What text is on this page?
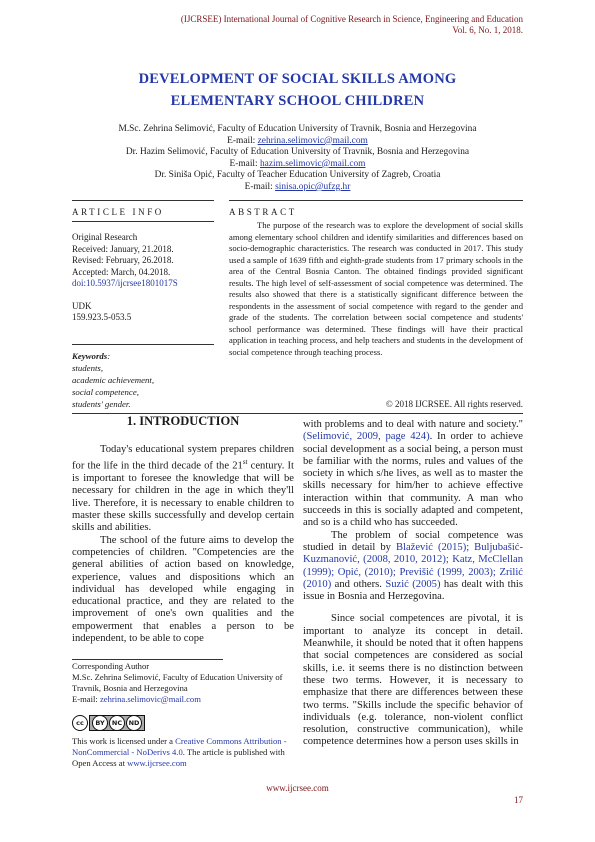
(IJCRSEE) International Journal of Cognitive Research in Science, Engineering and Education
Vol. 6, No. 1, 2018.
DEVELOPMENT OF SOCIAL SKILLS AMONG
ELEMENTARY SCHOOL CHILDREN
M.Sc. Zehrina Selimović, Faculty of Education University of Travnik, Bosnia and Herzegovina
E-mail: zehrina.selimovic@mail.com
Dr. Hazim Selimović, Faculty of Education University of Travnik, Bosnia and Herzegovina
E-mail: hazim.selimovic@mail.com
Dr. Siniša Opić, Faculty of Teacher Education University of Zagreb, Croatia
E-mail: sinisa.opic@ufzg.hr
ARTICLE INFO
Original Research
Received: January, 21.2018.
Revised: February, 26.2018.
Accepted: March, 04.2018.
doi:10.5937/ijcrsee1801017S
UDK
159.923.5-053.5
Keywords:
students,
academic achievement,
social competence,
students' gender.
ABSTRACT
The purpose of the research was to explore the development of social skills among elementary school children and identify similarities and differences based on socio-demographic characteristics. The research was conducted in 2017. This study used a sample of 1639 fifth and eighth-grade students from 17 primary schools in the area of the Central Bosnia Canton. The obtained findings provided significant results. The high level of self-assessment of social competence was determined. The results also showed that there is a statistically significant difference between the respondents in the assessment of social competence with regard to the gender and grade of the students. The correlation between social competence and students' school performance was determined. These findings will have their practical application in teaching process, and help teachers and students in the development of social competence through teaching process.
© 2018 IJCRSEE. All rights reserved.
1. INTRODUCTION

Today's educational system prepares children for the life in the third decade of the 21st century. It is important to foresee the knowledge that will be necessary for children in the age in which they'll live. Therefore, it is necessary to enable children to master these skills successfully and develop certain skills and abilities.

The school of the future aims to develop the competencies of children. "Competencies are the general abilities of action based on knowledge, experience, values and dispositions which an individual has developed while engaging in educational practice, and they are related to the improvement of one's own qualities and the empowerment that enables a person to be independent, to be able to cope

with problems and to deal with nature and society." (Selimović, 2009, page 424). In order to achieve social development as a social being, a person must be familiar with the norms, rules and values of the society in which s/he lives, as well as to master the skills necessary for him/her to achieve effective interaction within that community. A man who succeeds in this is socially adapted and competent, and so is a child who has succeeded.

The problem of social competence was studied in detail by Blažević (2015); Buljubašić-Kuzmanović, (2008, 2010, 2012); Katz, McClellan (1999); Opić, (2010); Previšić (1999, 2003); Zrilić (2010) and others. Suzić (2005) has dealt with this issue in Bosnia and Herzegovina.

Since social competences are pivotal, it is important to analyze its concept in detail. Meanwhile, it should be noted that it often happens that social competences are considered as social skills, i.e. it seems there is no distinction between these two terms. However, it is necessary to emphasize that there are differences between these two terms. "Skills include the specific behavior of individuals (e.g. tolerance, non-violent conflict resolution, constructive communication), while competence determines how a person uses skills in

Corresponding Author
M.Sc. Zehrina Selimović, Faculty of Education University of Travnik, Bosnia and Herzegovina
E-mail: zehrina.selimovic@mail.com
cc	BY	NC ND
This work is licensed under a Creative Commons Attribution - NonCommercial - NoDerivs 4.0. The article is published with Open Access at www.ijcrsee.com
www.ijcrsee.com
17
